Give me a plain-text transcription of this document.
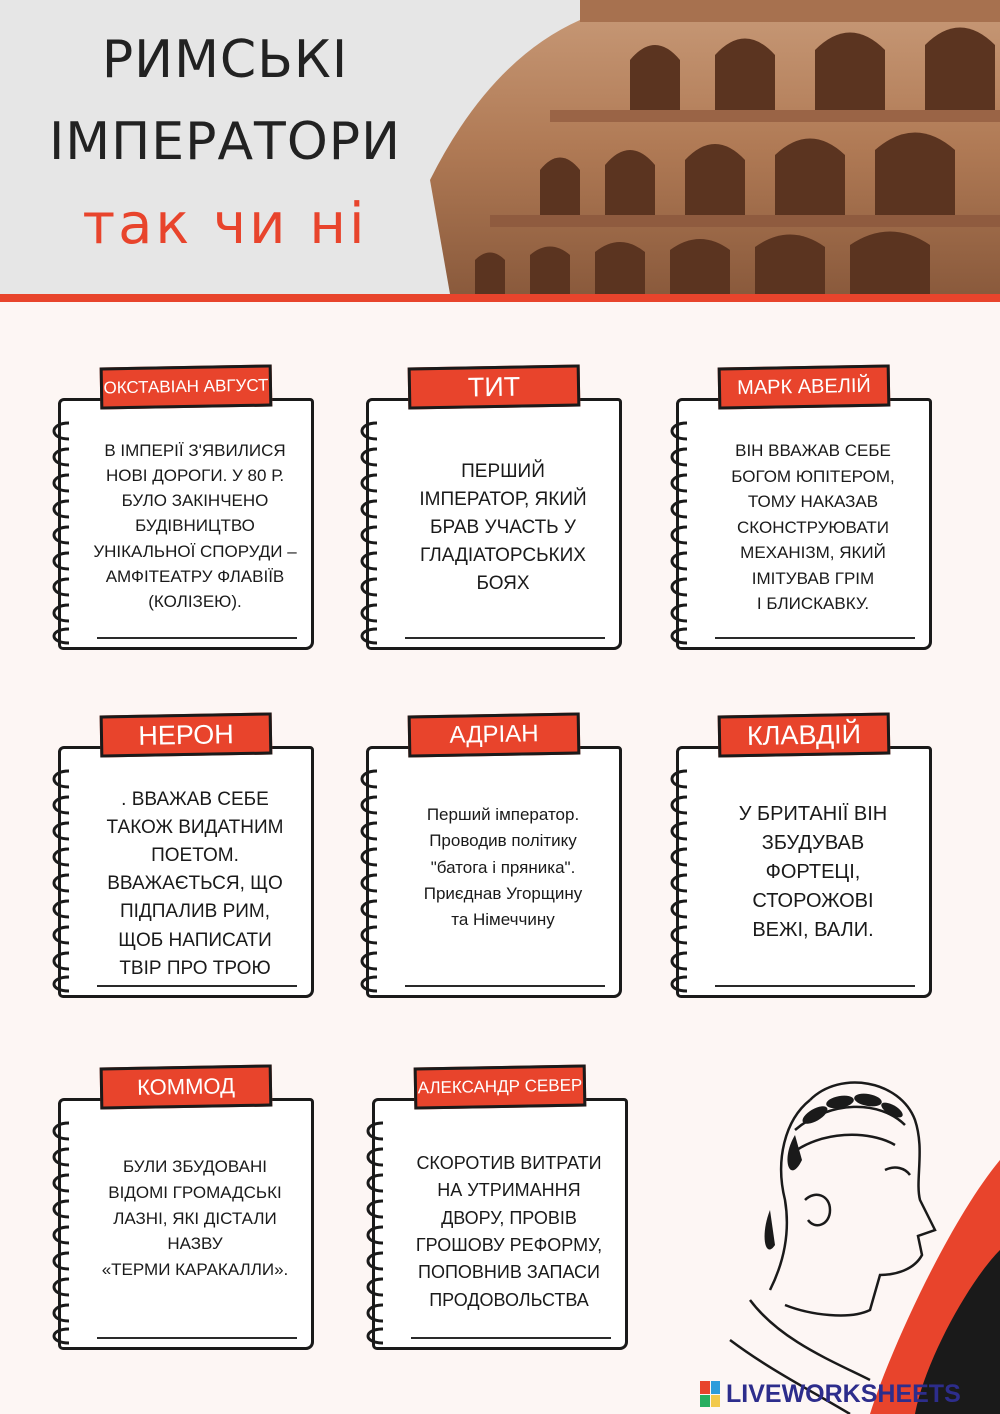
РИМСЬКІ
ІМПЕРАТОРИ
так чи ні
ОКСТАВІАН АВГУСТ
В ІМПЕРІЇ З'ЯВИЛИСЯ
НОВІ ДОРОГИ. У 80 Р.
БУЛО ЗАКІНЧЕНО
БУДІВНИЦТВО
УНІКАЛЬНОЇ СПОРУДИ –
АМФІТЕАТРУ ФЛАВІЇВ
(КОЛІЗЕЮ).
ТИТ
ПЕРШИЙ
ІМПЕРАТОР, ЯКИЙ
БРАВ УЧАСТЬ У
ГЛАДІАТОРСЬКИХ
БОЯХ
МАРК АВЕЛІЙ
ВІН ВВАЖАВ СЕБЕ
БОГОМ ЮПІТЕРОМ,
ТОМУ НАКАЗАВ
СКОНСТРУЮВАТИ
МЕХАНІЗМ, ЯКИЙ
ІМІТУВАВ ГРІМ
І БЛИСКАВКУ.
НЕРОН
. ВВАЖАВ СЕБЕ
ТАКОЖ ВИДАТНИМ
ПОЕТОМ.
ВВАЖАЄТЬСЯ, ЩО
ПІДПАЛИВ РИМ,
ЩОБ НАПИСАТИ
ТВІР ПРО ТРОЮ
АДРІАН
Перший імператор.
Проводив політику
"батога і пряника".
Приєднав Угорщину
та Німеччину
КЛАВДІЙ
У БРИТАНІЇ ВІН
ЗБУДУВАВ
ФОРТЕЦІ,
СТОРОЖОВІ
ВЕЖІ, ВАЛИ.
КОММОД
БУЛИ ЗБУДОВАНІ
ВІДОМІ ГРОМАДСЬКІ
ЛАЗНІ, ЯКІ ДІСТАЛИ
НАЗВУ
«ТЕРМИ КАРАКАЛЛИ».
АЛЕКСАНДР СЕВЕР
СКОРОТИВ ВИТРАТИ
НА УТРИМАННЯ
ДВОРУ, ПРОВІВ
ГРОШОВУ РЕФОРМУ,
ПОПОВНИВ ЗАПАСИ
ПРОДОВОЛЬСТВА
LIVEWORKSHEETS
